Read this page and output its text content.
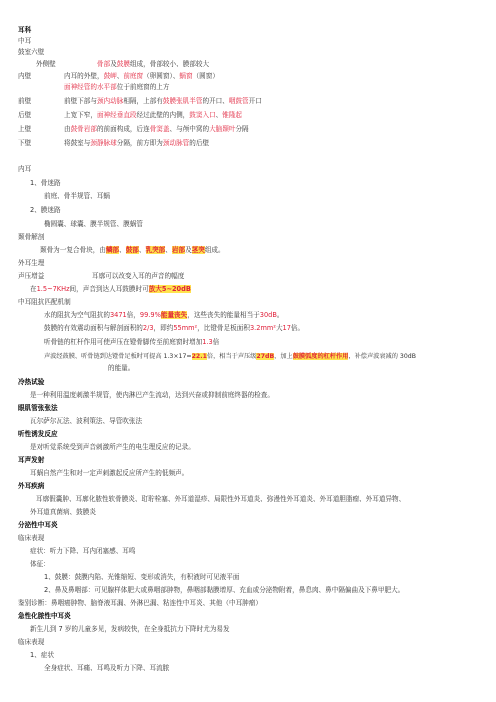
耳科
中耳
鼓室六壁
外侧壁	骨部及鼓膜组成，骨部较小、膜部较大
内壁	内耳的外壁，鼓岬、前庭窗（卵圆窗）、蜗窗（圆窗）
面神经管的水平部位于前庭窗的上方
前壁	前壁下部与颈内动脉相隔，上部有鼓膜张肌半管的开口、咽鼓管开口
后壁	上宽下窄，面神经垂直段经过此壁的内侧，鼓窦入口、锥隆起
上壁	由鼓骨岩部的前面构成，后连骨窦盖、与颅中窝的大脑颞叶分隔
下壁	将鼓室与颈静脉球分隔，前方即为颈动脉管的后壁
内耳
1、骨迷路
前庭、骨半规管、耳蜗
2、膜迷路
椭圆囊、球囊、膜半规管、膜蜗管
颞骨解剖
颞骨为一复合骨块，由鳞部、鼓部、乳突部、岩部及茎突组成。
外耳生理
声压增益	耳廓可以改变入耳的声音的幅度
在1.5~7KHz间，声音到达人耳鼓膜时可放大5~20dB
中耳阻抗匹配机制
水的阻抗为空气阻抗的3471倍，99.9%能量丧失，这些丧失的能量相当于30dB。
鼓膜的有效震动面积与解剖面积的2/3，即约55mm²，比镫骨足板面积3.2mm²大17倍。
听骨链的杠杆作用可使声压在镫骨脚传至前庭窗时增加1.3倍
声波经鼓膜、听骨链到达镫骨足板时可提高 1.3×17=22.1倍，相当于声压级27dB，加上鼓膜弧度的杠杆作用，补偿声波衰减的 30dB
的能量。
冷热试验
是一种利用温度刺激半规管，使内淋巴产生流动，达到兴奋或抑制前庭终器的检查。
眼肌管张张法
瓦尔萨尔瓦法、波利策法、导管吹张法
听性诱发反应
是对听觉系统受到声音刺激所产生的电生理反应的记录。
耳声发射
耳蜗自然产生和对一定声刺激起反应所产生的低频声。
外耳疾病
耳廓假囊肿、耳廓化脓性软骨膜炎、耵聍栓塞、外耳道湿疹、局限性外耳道炎、弥漫性外耳道炎、外耳道胆脂瘤、外耳道异物、
外耳道真菌病、鼓膜炎
分泌性中耳炎
临床表现
症状：听力下降、耳内闭塞感、耳鸣
体征：
1、鼓膜：鼓膜内陷、光锥缩短、变形或消失，有积液时可见液平面
2、鼻及鼻咽部：可见腺样体肥大或鼻咽部肿物，鼻咽部黏膜增厚、充血或分泌物附着，鼻息肉、鼻中隔偏曲及下鼻甲肥大。
鉴别诊断：鼻咽癌肿物、脑脊液耳漏、外淋巴漏、粘连性中耳炎、其他（中耳肿瘤）
急性化脓性中耳炎
新生儿到 7 岁的儿童多见，发病较快，在全身抵抗力下降时尤为易发
临床表现
1、症状
全身症状、耳痛、耳鸣及听力下降、耳流脓
